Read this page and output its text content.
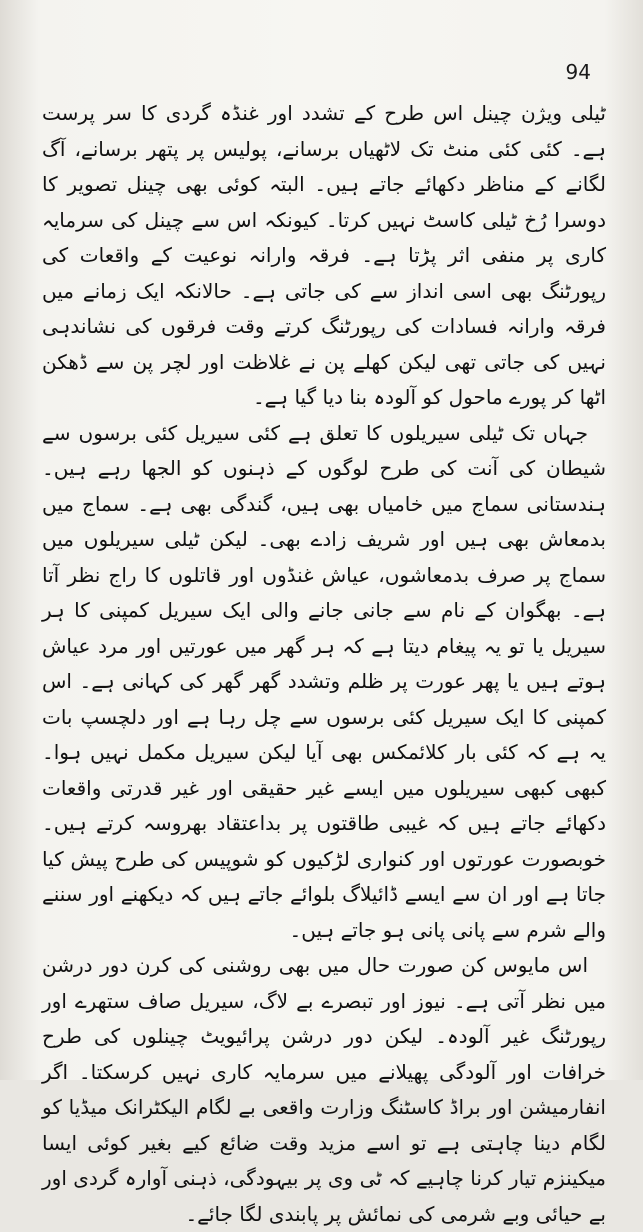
94

ٹیلی ویژن چینل اس طرح کے تشدد اور غنڈہ گردی کا سر پرست ہے۔ کئی کئی منٹ تک لاٹھیاں برسانے، پولیس پر پتھر برسانے، آگ لگانے کے مناظر دکھائے جاتے ہیں۔ البتہ کوئی بھی چینل تصویر کا دوسرا رُخ ٹیلی کاسٹ نہیں کرتا۔ کیونکہ اس سے چینل کی سرمایہ کاری پر منفی اثر پڑتا ہے۔ فرقہ وارانہ نوعیت کے واقعات کی رپورٹنگ بھی اسی انداز سے کی جاتی ہے۔ حالانکہ ایک زمانے میں فرقہ وارانہ فسادات کی رپورٹنگ کرتے وقت فرقوں کی نشاندہی نہیں کی جاتی تھی لیکن کھلے پن نے غلاظت اور لچر پن سے ڈھکن اٹھا کر پورے ماحول کو آلودہ بنا دیا گیا ہے۔

جہاں تک ٹیلی سیریلوں کا تعلق ہے کئی سیریل کئی برسوں سے شیطان کی آنت کی طرح لوگوں کے ذہنوں کو الجھا رہے ہیں۔ ہندستانی سماج میں خامیاں بھی ہیں، گندگی بھی ہے۔ سماج میں بدمعاش بھی ہیں اور شریف زادے بھی۔ لیکن ٹیلی سیریلوں میں سماج پر صرف بدمعاشوں، عیاش غنڈوں اور قاتلوں کا راج نظر آتا ہے۔ بھگوان کے نام سے جانی جانے والی ایک سیریل کمپنی کا ہر سیریل یا تو یہ پیغام دیتا ہے کہ ہر گھر میں عورتیں اور مرد عیاش ہوتے ہیں یا پھر عورت پر ظلم وتشدد گھر گھر کی کہانی ہے۔ اس کمپنی کا ایک سیریل کئی برسوں سے چل رہا ہے اور دلچسپ بات یہ ہے کہ کئی بار کلائمکس بھی آیا لیکن سیریل مکمل نہیں ہوا۔ کبھی کبھی سیریلوں میں ایسے غیر حقیقی اور غیر قدرتی واقعات دکھائے جاتے ہیں کہ غیبی طاقتوں پر بداعتقاد بھروسہ کرتے ہیں۔ خوبصورت عورتوں اور کنواری لڑکیوں کو شوپیس کی طرح پیش کیا جاتا ہے اور ان سے ایسے ڈائیلاگ بلوائے جاتے ہیں کہ دیکھنے اور سننے والے شرم سے پانی پانی ہو جاتے ہیں۔

اس مایوس کن صورت حال میں بھی روشنی کی کرن دور درشن میں نظر آتی ہے۔ نیوز اور تبصرے بے لاگ، سیریل صاف ستھرے اور رپورٹنگ غیر آلودہ۔ لیکن دور درشن پرائیویٹ چینلوں کی طرح خرافات اور آلودگی پھیلانے میں سرمایہ کاری نہیں کرسکتا۔ اگر انفارمیشن اور براڈ کاسٹنگ وزارت واقعی بے لگام الیکٹرانک میڈیا کو لگام دینا چاہتی ہے تو اسے مزید وقت ضائع کیے بغیر کوئی ایسا میکینزم تیار کرنا چاہیے کہ ٹی وی پر بیہودگی، ذہنی آوارہ گردی اور بے حیائی وبے شرمی کی نمائش پر پابندی لگا جائے۔
